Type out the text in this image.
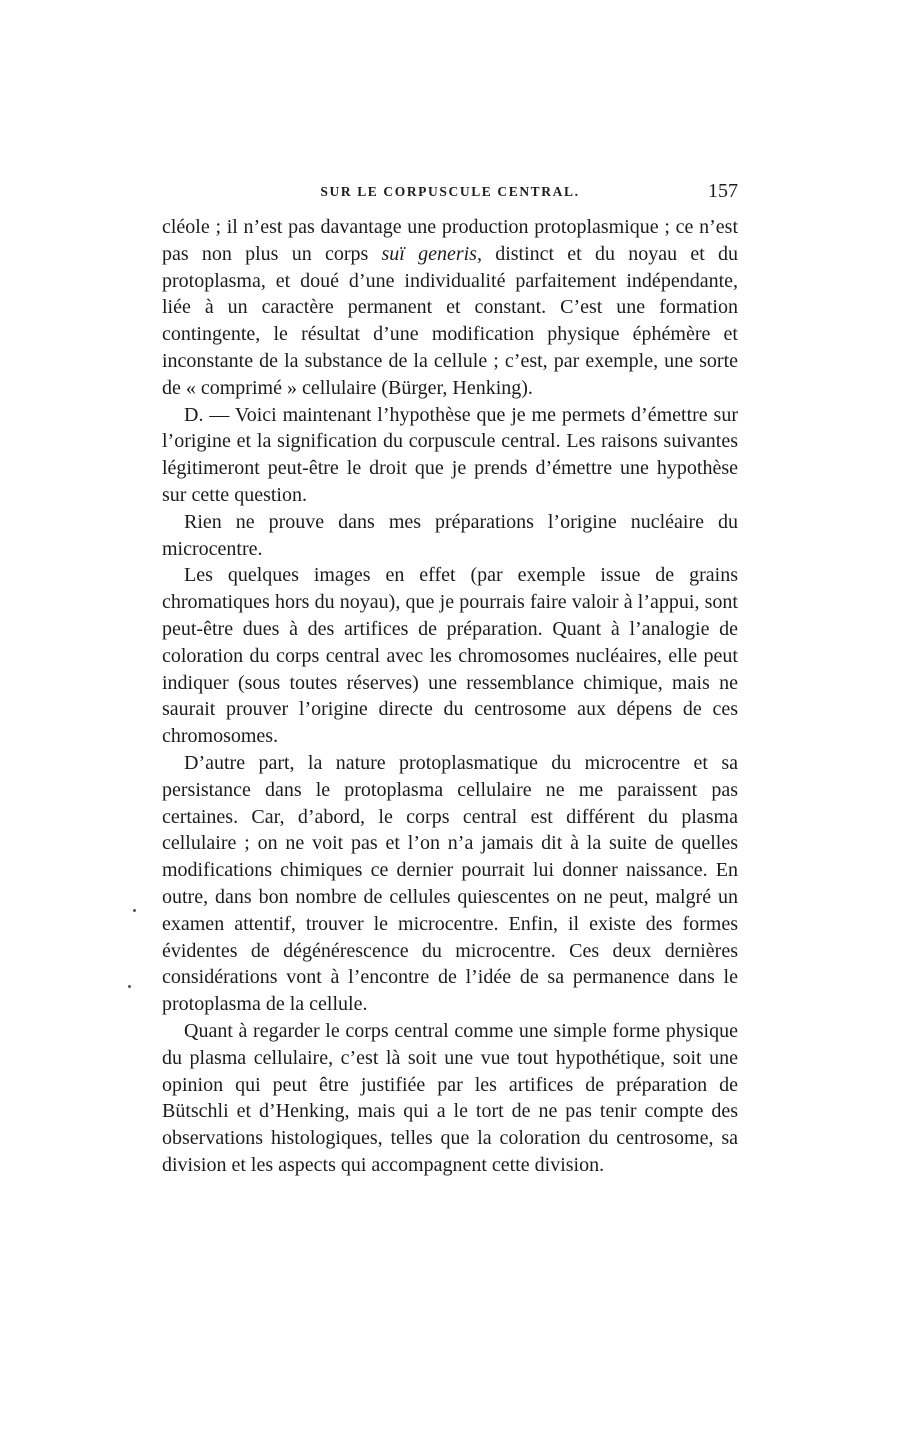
SUR LE CORPUSCULE CENTRAL.	157

cléole ; il n’est pas davantage une production protoplasmique ; ce n’est pas non plus un corps suï generis, distinct et du noyau et du protoplasma, et doué d’une individualité parfaitement indépendante, liée à un caractère permanent et constant. C’est une formation contingente, le résultat d’une modification physique éphémère et inconstante de la substance de la cellule ; c’est, par exemple, une sorte de « comprimé » cellulaire (Bürger, Henking).

D. — Voici maintenant l’hypothèse que je me permets d’émettre sur l’origine et la signification du corpuscule central. Les raisons suivantes légitimeront peut-être le droit que je prends d’émettre une hypothèse sur cette question.

Rien ne prouve dans mes préparations l’origine nucléaire du microcentre.

Les quelques images en effet (par exemple issue de grains chromatiques hors du noyau), que je pourrais faire valoir à l’appui, sont peut-être dues à des artifices de préparation. Quant à l’analogie de coloration du corps central avec les chromosomes nucléaires, elle peut indiquer (sous toutes réserves) une ressemblance chimique, mais ne saurait prouver l’origine directe du centrosome aux dépens de ces chromosomes.

D’autre part, la nature protoplasmatique du microcentre et sa persistance dans le protoplasma cellulaire ne me paraissent pas certaines. Car, d’abord, le corps central est différent du plasma cellulaire ; on ne voit pas et l’on n’a jamais dit à la suite de quelles modifications chimiques ce dernier pourrait lui donner naissance. En outre, dans bon nombre de cellules quiescentes on ne peut, malgré un examen attentif, trouver le microcentre. Enfin, il existe des formes évidentes de dégénérescence du microcentre. Ces deux dernières considérations vont à l’encontre de l’idée de sa permanence dans le protoplasma de la cellule.

Quant à regarder le corps central comme une simple forme physique du plasma cellulaire, c’est là soit une vue tout hypothétique, soit une opinion qui peut être justifiée par les artifices de préparation de Bütschli et d’Henking, mais qui a le tort de ne pas tenir compte des observations histologiques, telles que la coloration du centrosome, sa division et les aspects qui accompagnent cette division.
